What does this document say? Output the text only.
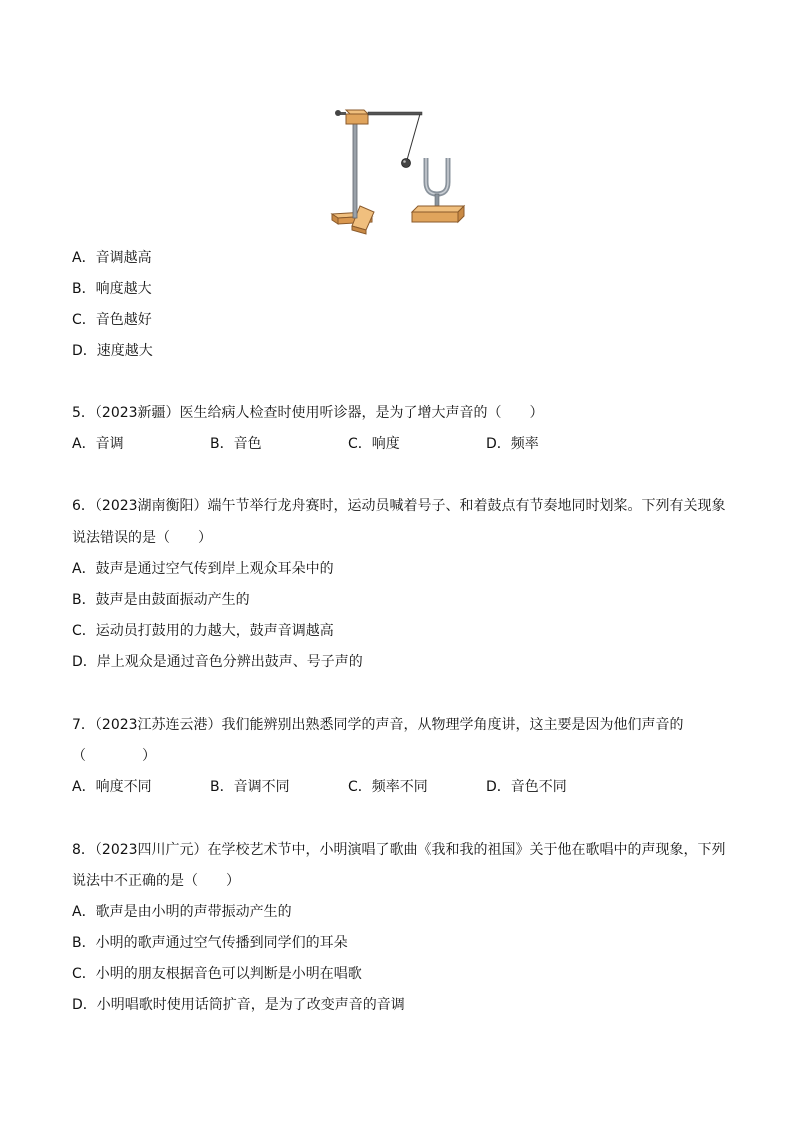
A．音调越高
B．响度越大
C．音色越好
D．速度越大
5．（2023新疆）医生给病人检查时使用听诊器，是为了增大声音的（　　）
A．音调	B．音色	C．响度	D．频率
6．（2023湖南衡阳）端午节举行龙舟赛时，运动员喊着号子、和着鼓点有节奏地同时划桨。下列有关现象
说法错误的是（　　）
A．鼓声是通过空气传到岸上观众耳朵中的
B．鼓声是由鼓面振动产生的
C．运动员打鼓用的力越大，鼓声音调越高
D．岸上观众是通过音色分辨出鼓声、号子声的
7．（2023江苏连云港）我们能辨别出熟悉同学的声音，从物理学角度讲，这主要是因为他们声音的
（　　　　）
A．响度不同	B．音调不同	C．频率不同	D．音色不同
8．（2023四川广元）在学校艺术节中，小明演唱了歌曲《我和我的祖国》关于他在歌唱中的声现象，下列
说法中不正确的是（　　）
A．歌声是由小明的声带振动产生的
B．小明的歌声通过空气传播到同学们的耳朵
C．小明的朋友根据音色可以判断是小明在唱歌
D．小明唱歌时使用话筒扩音，是为了改变声音的音调
